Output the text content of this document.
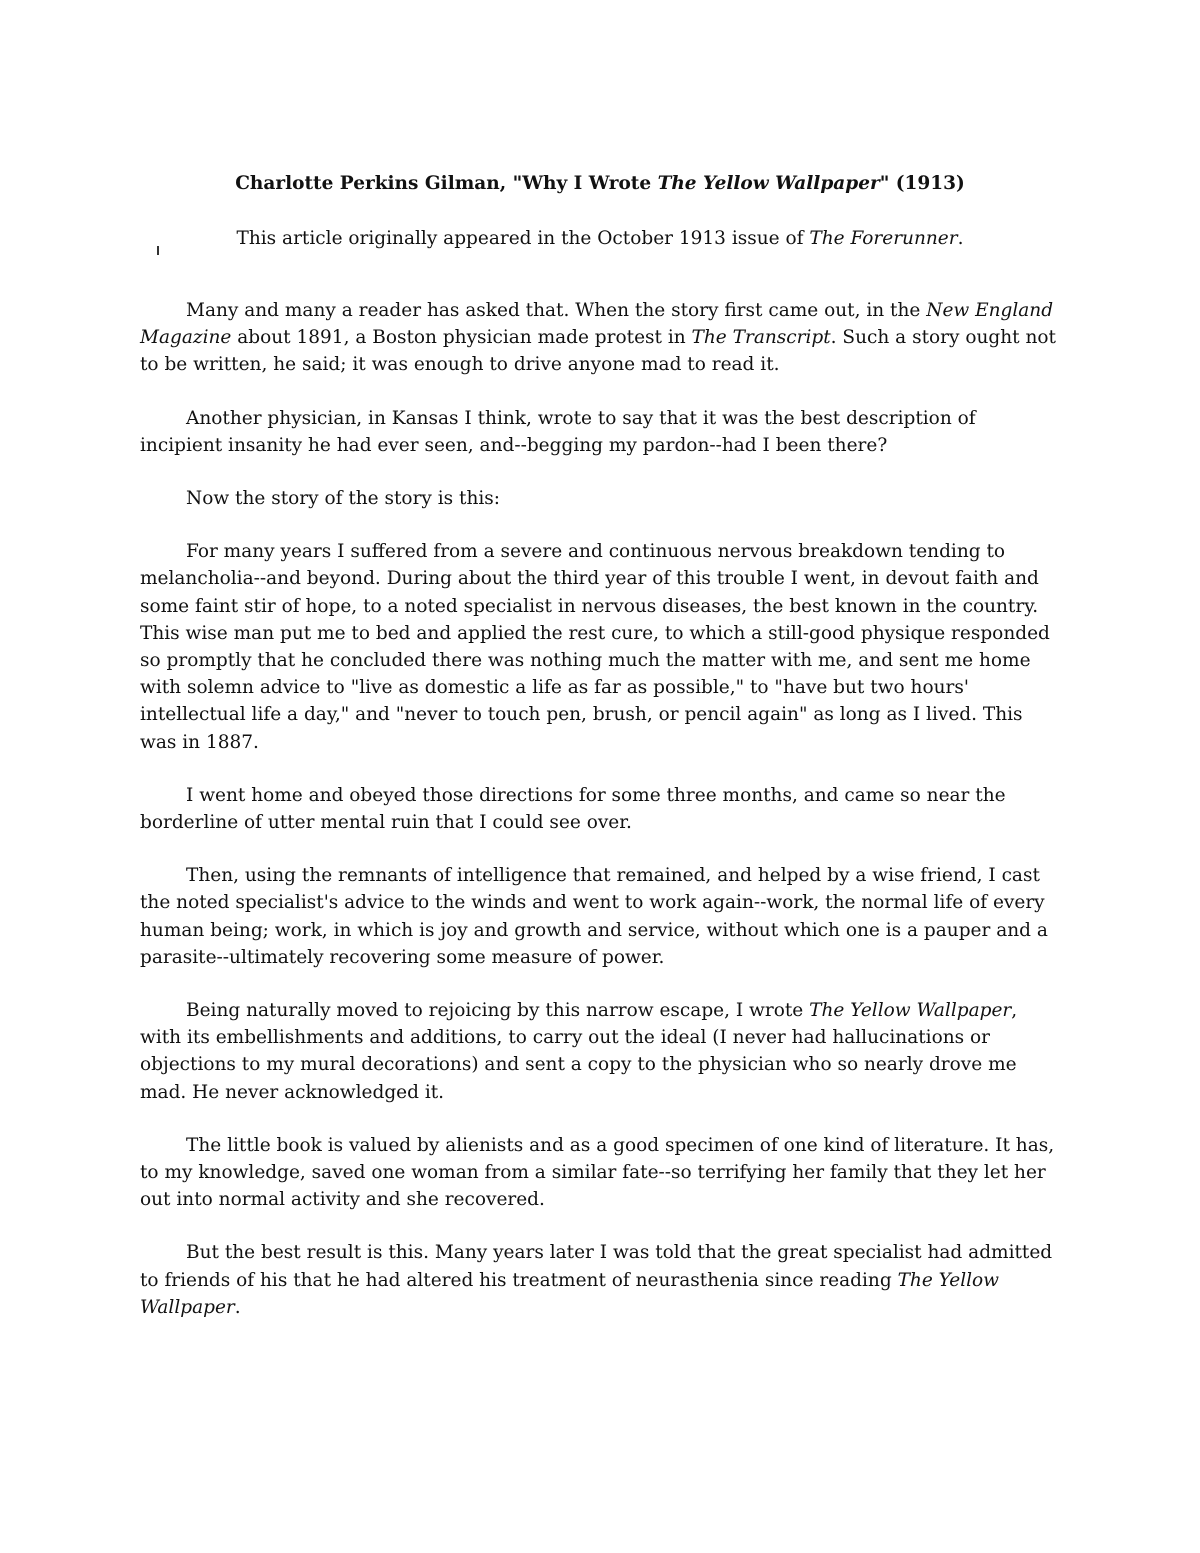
Charlotte Perkins Gilman, "Why I Wrote The Yellow Wallpaper" (1913)
This article originally appeared in the October 1913 issue of The Forerunner.

Many and many a reader has asked that. When the story first came out, in the New England Magazine about 1891, a Boston physician made protest in The Transcript. Such a story ought not to be written, he said; it was enough to drive anyone mad to read it.

Another physician, in Kansas I think, wrote to say that it was the best description of incipient insanity he had ever seen, and--begging my pardon--had I been there?

Now the story of the story is this:

For many years I suffered from a severe and continuous nervous breakdown tending to melancholia--and beyond. During about the third year of this trouble I went, in devout faith and some faint stir of hope, to a noted specialist in nervous diseases, the best known in the country. This wise man put me to bed and applied the rest cure, to which a still-good physique responded so promptly that he concluded there was nothing much the matter with me, and sent me home with solemn advice to "live as domestic a life as far as possible," to "have but two hours' intellectual life a day," and "never to touch pen, brush, or pencil again" as long as I lived. This was in 1887.

I went home and obeyed those directions for some three months, and came so near the borderline of utter mental ruin that I could see over.

Then, using the remnants of intelligence that remained, and helped by a wise friend, I cast the noted specialist's advice to the winds and went to work again--work, the normal life of every human being; work, in which is joy and growth and service, without which one is a pauper and a parasite--ultimately recovering some measure of power.

Being naturally moved to rejoicing by this narrow escape, I wrote The Yellow Wallpaper, with its embellishments and additions, to carry out the ideal (I never had hallucinations or objections to my mural decorations) and sent a copy to the physician who so nearly drove me mad. He never acknowledged it.

The little book is valued by alienists and as a good specimen of one kind of literature. It has, to my knowledge, saved one woman from a similar fate--so terrifying her family that they let her out into normal activity and she recovered.

But the best result is this. Many years later I was told that the great specialist had admitted to friends of his that he had altered his treatment of neurasthenia since reading The Yellow Wallpaper.
